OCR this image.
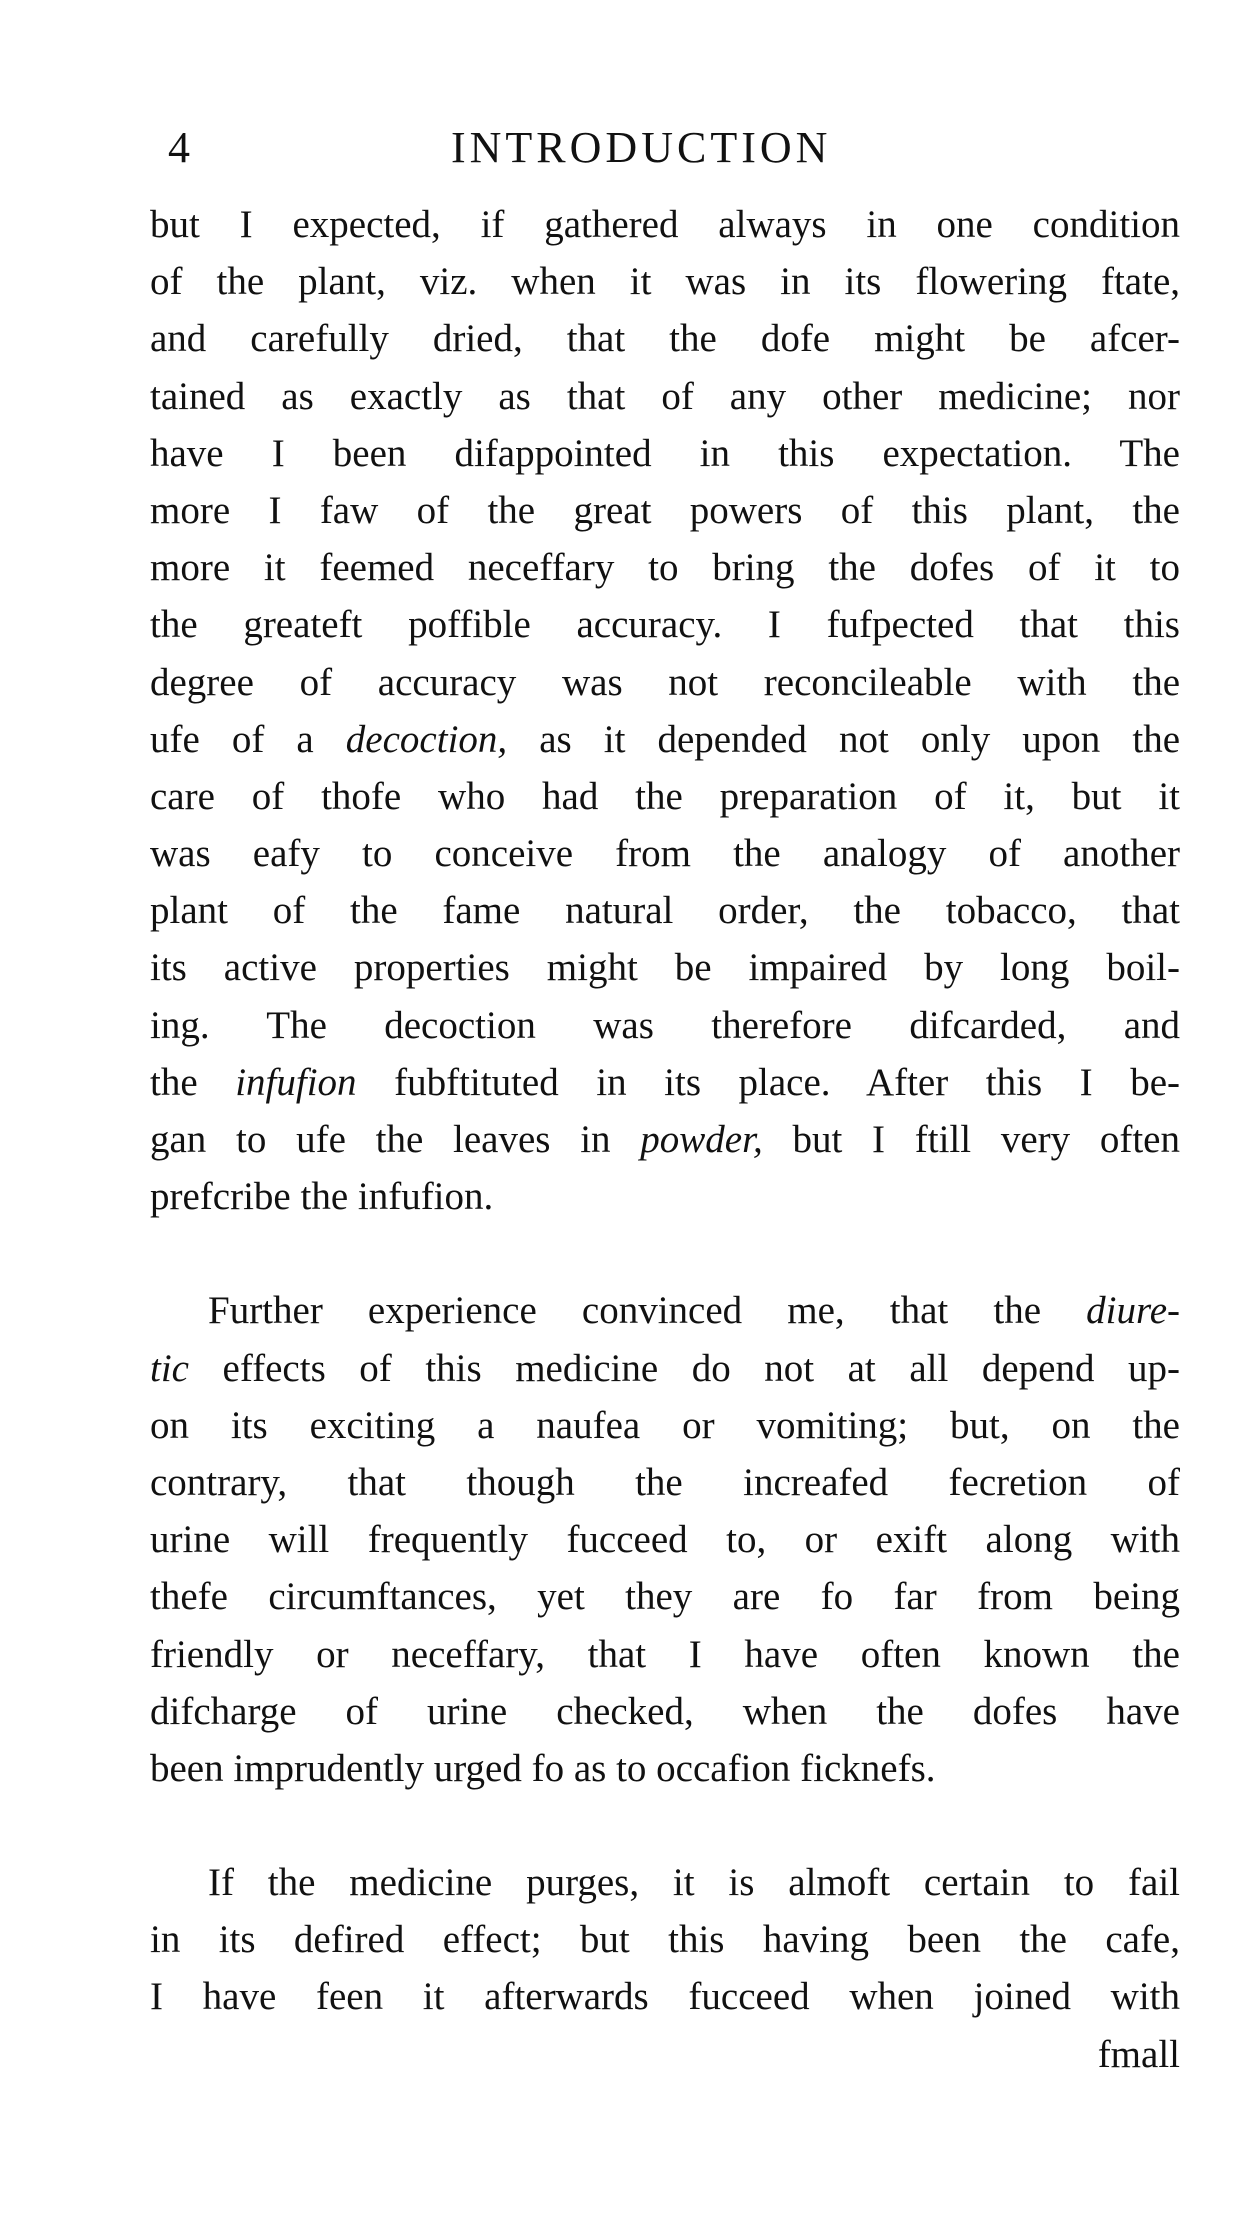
4	INTRODUCTION
but I expected, if gathered always in one condition
of the plant, viz. when it was in its flowering ftate,
and carefully dried, that the dofe might be afcer-
tained as exactly as that of any other medicine; nor
have I been difappointed in this expectation. The
more I faw of the great powers of this plant, the
more it feemed neceffary to bring the dofes of it to
the greateft poffible accuracy. I fufpected that this
degree of accuracy was not reconcileable with the
ufe of a decoction, as it depended not only upon the
care of thofe who had the preparation of it, but it
was eafy to conceive from the analogy of another
plant of the fame natural order, the tobacco, that
its active properties might be impaired by long boil-
ing. The decoction was therefore difcarded, and
the infufion fubftituted in its place. After this I be-
gan to ufe the leaves in powder, but I ftill very often
prefcribe the infufion.
Further experience convinced me, that the diure-
tic effects of this medicine do not at all depend up-
on its exciting a naufea or vomiting; but, on the
contrary, that though the increafed fecretion of
urine will frequently fucceed to, or exift along with
thefe circumftances, yet they are fo far from being
friendly or neceffary, that I have often known the
difcharge of urine checked, when the dofes have
been imprudently urged fo as to occafion ficknefs.
If the medicine purges, it is almoft certain to fail
in its defired effect; but this having been the cafe,
I have feen it afterwards fucceed when joined with
fmall
